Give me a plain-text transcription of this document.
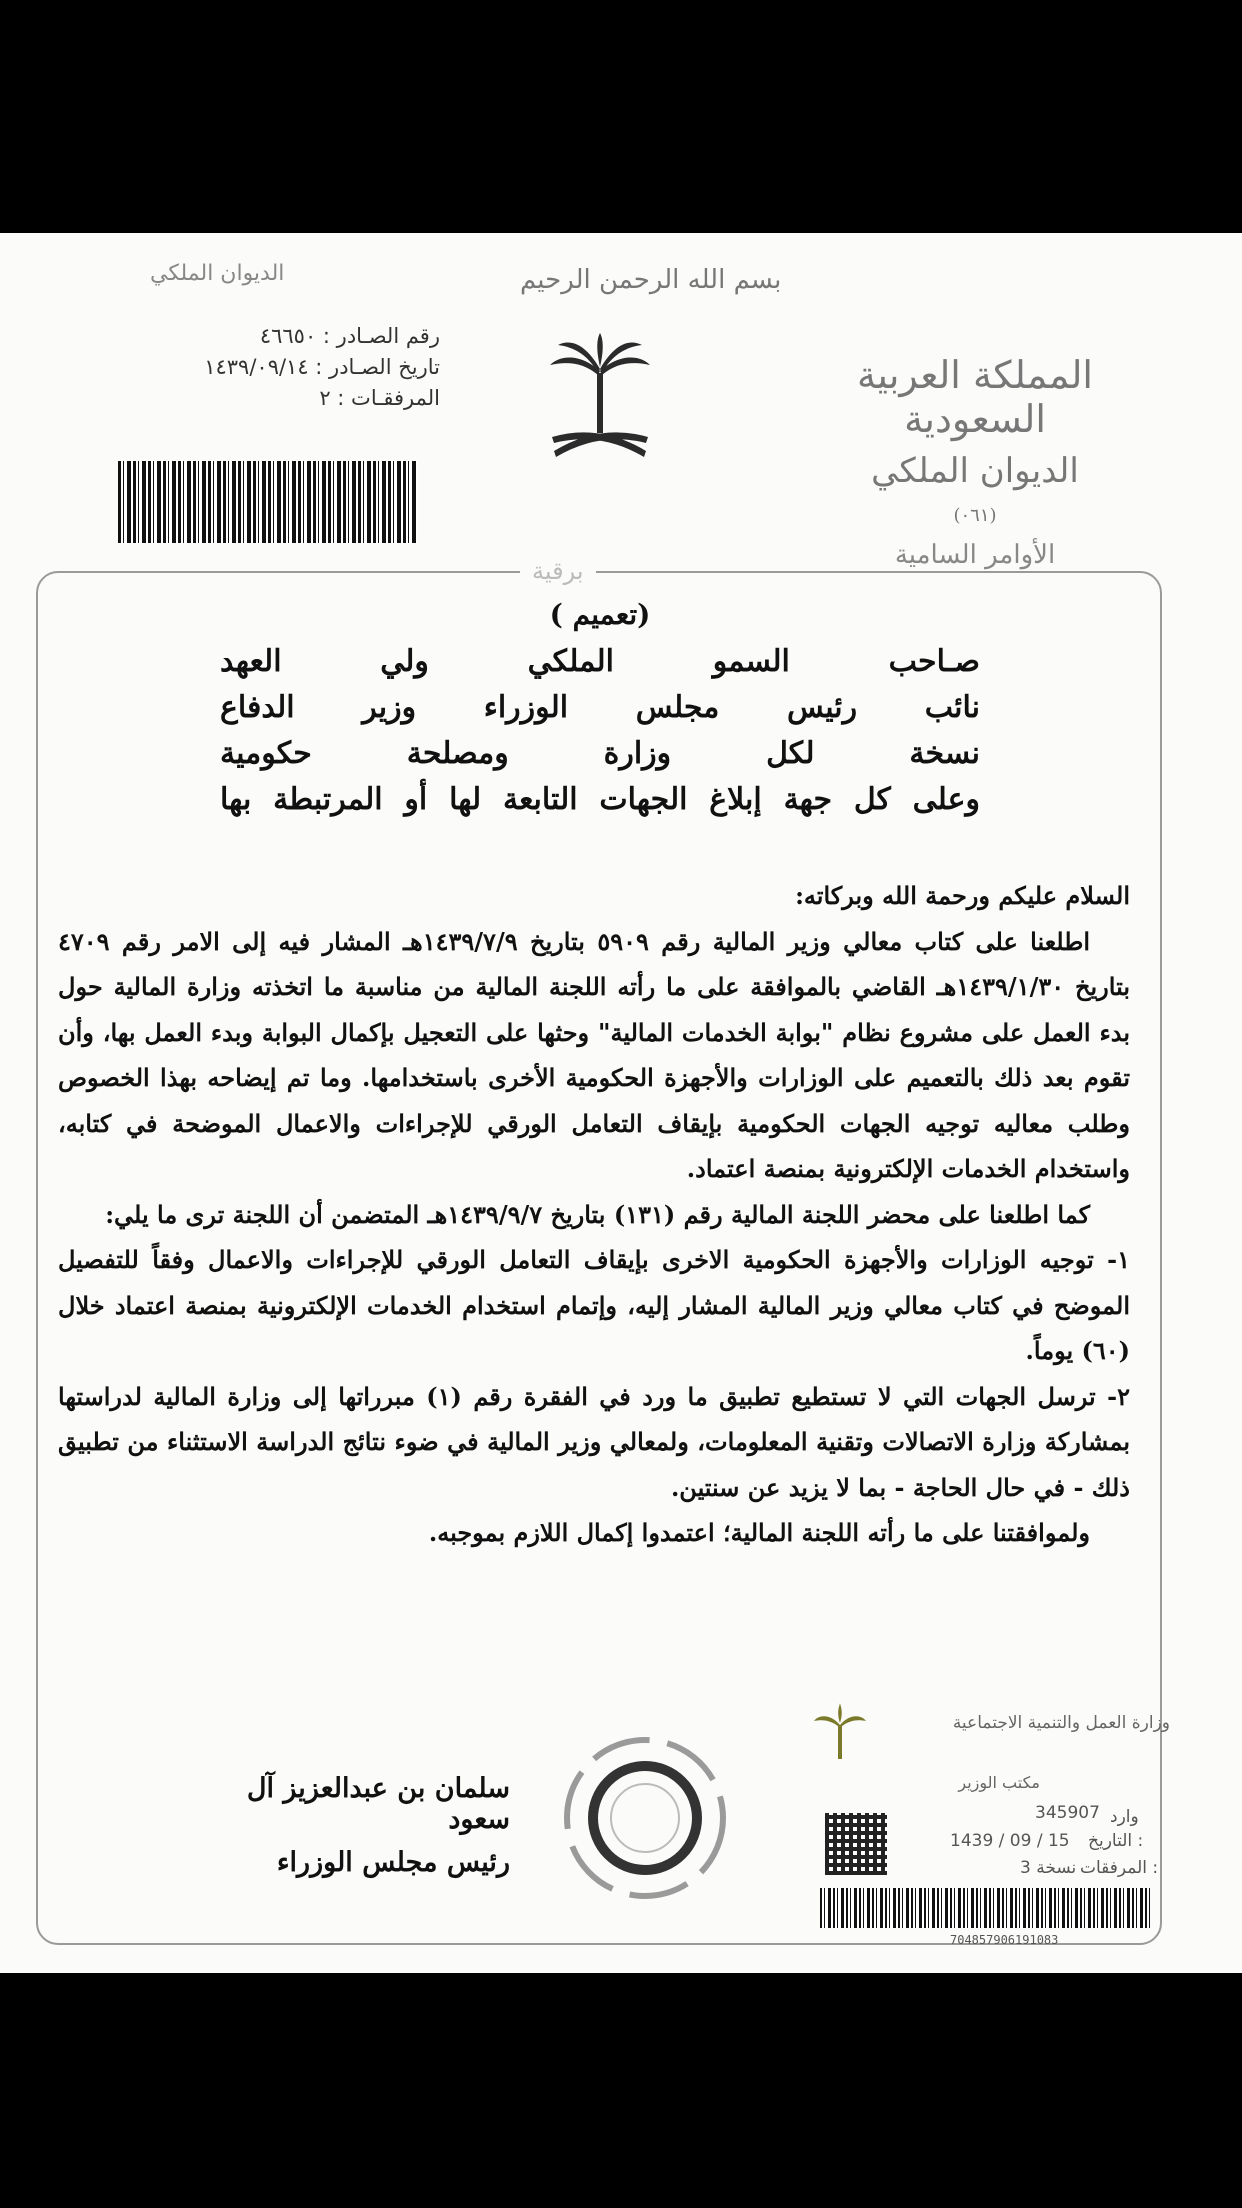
بسم الله الرحمن الرحيم
الديوان الملكي
رقم الصـادر : ٤٦٦٥٠
تاريخ الصـادر : ١٤٣٩/٠٩/١٤
المرفقـات : ٢
المملكة العربية السعودية
الديوان الملكي
(٠٦١)
الأوامر السامية
برقية
(تعميم )
صـاحب السمو الملكي ولي العهد
نائب رئيس مجلس الوزراء وزير الدفاع
نسخة لكل وزارة ومصلحة حكومية
وعلى كل جهة إبلاغ الجهات التابعة لها أو المرتبطة بها

السلام عليكم ورحمة الله وبركاته:

اطلعنا على كتاب معالي وزير المالية رقم ٥٩٠٩ بتاريخ ١٤٣٩/٧/٩هـ المشار فيه إلى الامر رقم ٤٧٠٩ بتاريخ ١٤٣٩/١/٣٠هـ القاضي بالموافقة على ما رأته اللجنة المالية من مناسبة ما اتخذته وزارة المالية حول بدء العمل على مشروع نظام "بوابة الخدمات المالية" وحثها على التعجيل بإكمال البوابة وبدء العمل بها، وأن تقوم بعد ذلك بالتعميم على الوزارات والأجهزة الحكومية الأخرى باستخدامها. وما تم إيضاحه بهذا الخصوص وطلب معاليه توجيه الجهات الحكومية بإيقاف التعامل الورقي للإجراءات والاعمال الموضحة في كتابه، واستخدام الخدمات الإلكترونية بمنصة اعتماد.

كما اطلعنا على محضر اللجنة المالية رقم (١٣١) بتاريخ ١٤٣٩/٩/٧هـ المتضمن أن اللجنة ترى ما يلي:

١- توجيه الوزارات والأجهزة الحكومية الاخرى بإيقاف التعامل الورقي للإجراءات والاعمال وفقاً للتفصيل الموضح في كتاب معالي وزير المالية المشار إليه، وإتمام استخدام الخدمات الإلكترونية بمنصة اعتماد خلال (٦٠) يوماً.

٢- ترسل الجهات التي لا تستطيع تطبيق ما ورد في الفقرة رقم (١) مبرراتها إلى وزارة المالية لدراستها بمشاركة وزارة الاتصالات وتقنية المعلومات، ولمعالي وزير المالية في ضوء نتائج الدراسة الاستثناء من تطبيق ذلك - في حال الحاجة - بما لا يزيد عن سنتين.

ولموافقتنا على ما رأته اللجنة المالية؛ اعتمدوا إكمال اللازم بموجبه.

سلمان بن عبدالعزيز آل سعود
رئيس مجلس الوزراء
وزارة العمل والتنمية الاجتماعية
مكتب الوزير
وارد
345907
التاريخ :
1439 / 09 / 15
المرفقات :
3 نسخة
704857906191083
